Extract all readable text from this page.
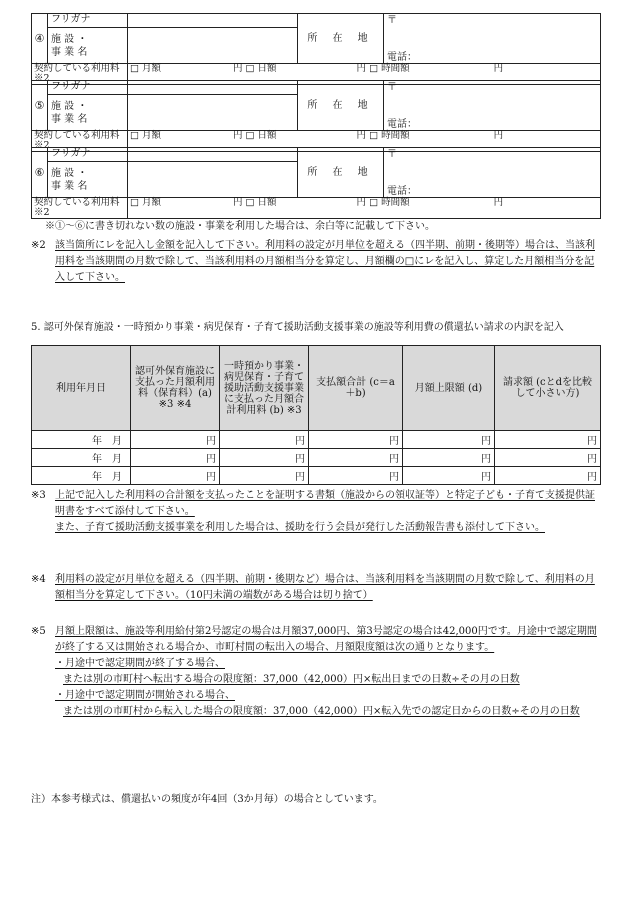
④	フリガナ		所 在 地	〒
電話：

	施 設 ・
事 業 名			

契約している利用料※2		□ 月額 円 □ 日額 円 □ 時間額 円		
⑤	フリガナ		所 在 地	〒
電話：

	施 設 ・
事 業 名			

契約している利用料※2		□ 月額 円 □ 日額 円 □ 時間額 円		
⑥	フリガナ		所 在 地	〒
電話：

	施 設 ・
事 業 名			

契約している利用料※2		□ 月額 円 □ 日額 円 □ 時間額 円		
※①～⑥に書き切れない数の施設・事業を利用した場合は、余白等に記載して下さい。
※2 該当箇所にレを記入し金額を記入して下さい。利用料の設定が月単位を超える（四半期、前期・後期等）場合は、当該利用料を当該期間の月数で除して、当該利用料の月額相当分を算定し、月額欄の□にレを記入し、算定した月額相当分を記入して下さい。
5. 認可外保育施設・一時預かり事業・病児保育・子育て援助活動支援事業の施設等利用費の償還払い請求の内訳を記入
利用年月日	認可外保育施設に支払った月額利用料（保育料）(a) ※3 ※4	一時預かり事業・病児保育・子育て援助活動支援事業に支払った月額合計利用料 (b) ※3	支払額合計 (c＝a＋b)	月額上限額 (d)	請求額 (cとdを比較して小さい方)
年　月	円	円	円	円	円
年　月	円	円	円	円	円
年　月	円	円	円	円	円
※3 上記で記入した利用料の合計額を支払ったことを証明する書類（施設からの領収証等）と特定子ども・子育て支援提供証明書をすべて添付して下さい。
また、子育て援助活動支援事業を利用した場合は、援助を行う会員が発行した活動報告書も添付して下さい。
※4 利用料の設定が月単位を超える（四半期、前期・後期など）場合は、当該利用料を当該期間の月数で除して、利用料の月額相当分を算定して下さい。（10円未満の端数がある場合は切り捨て）
※5 月額上限額は、施設等利用給付第2号認定の場合は月額37,000円、第3号認定の場合は42,000円です。月途中で認定期間が終了する又は開始される場合か、市町村間の転出入の場合、月額限度額は次の通りとなります。
・月途中で認定期間が終了する場合、
または別の市町村へ転出する場合の限度額：37,000（42,000）円×転出日までの日数÷その月の日数
・月途中で認定期間が開始される場合、
または別の市町村から転入した場合の限度額：37,000（42,000）円×転入先での認定日からの日数÷その月の日数
注）本参考様式は、償還払いの頻度が年4回（3か月毎）の場合としています。
